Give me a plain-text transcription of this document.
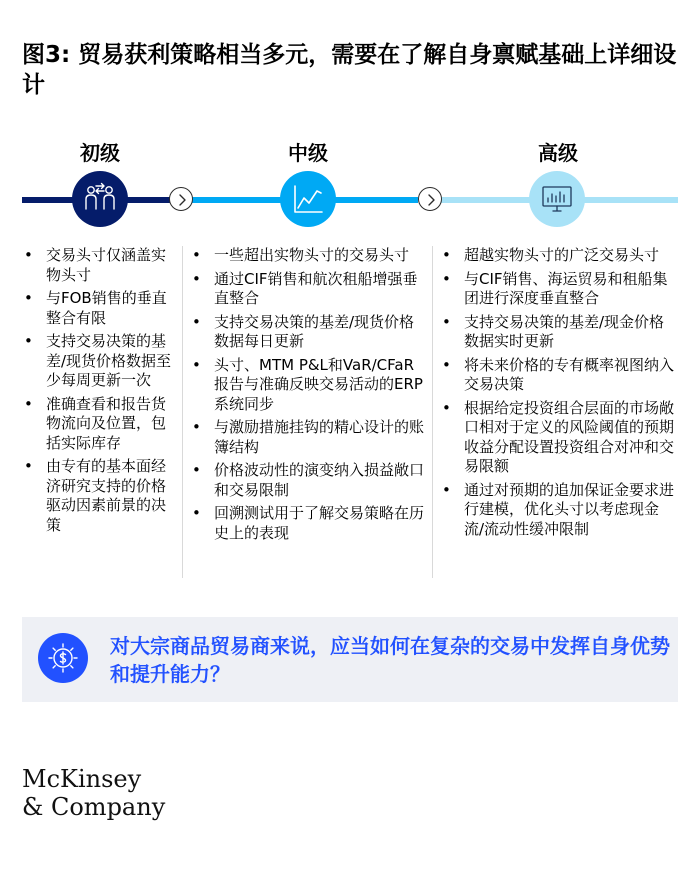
图3: 贸易获利策略相当多元，需要在了解自身禀赋基础上详细设计
初级	中级	高级
• 交易头寸仅涵盖实物头寸
• 与FOB销售的垂直整合有限
• 支持交易决策的基差/现货价格数据至少每周更新一次
• 准确查看和报告货物流向及位置，包括实际库存
• 由专有的基本面经济研究支持的价格驱动因素前景的决策
• 一些超出实物头寸的交易头寸
• 通过CIF销售和航次租船增强垂直整合
• 支持交易决策的基差/现货价格数据每日更新
• 头寸、MTM P&L和VaR/CFaR 报告与准确反映交易活动的ERP系统同步
• 与激励措施挂钩的精心设计的账簿结构
• 价格波动性的演变纳入损益敞口和交易限制
• 回溯测试用于了解交易策略在历史上的表现
• 超越实物头寸的广泛交易头寸
• 与CIF销售、海运贸易和租船集团进行深度垂直整合
• 支持交易决策的基差/现金价格数据实时更新
• 将未来价格的专有概率视图纳入交易决策
• 根据给定投资组合层面的市场敞口相对于定义的风险阈值的预期收益分配设置投资组合对冲和交易限额
• 通过对预期的追加保证金要求进行建模，优化头寸以考虑现金流/流动性缓冲限制
对大宗商品贸易商来说，应当如何在复杂的交易中发挥自身优势和提升能力？
McKinsey
& Company
